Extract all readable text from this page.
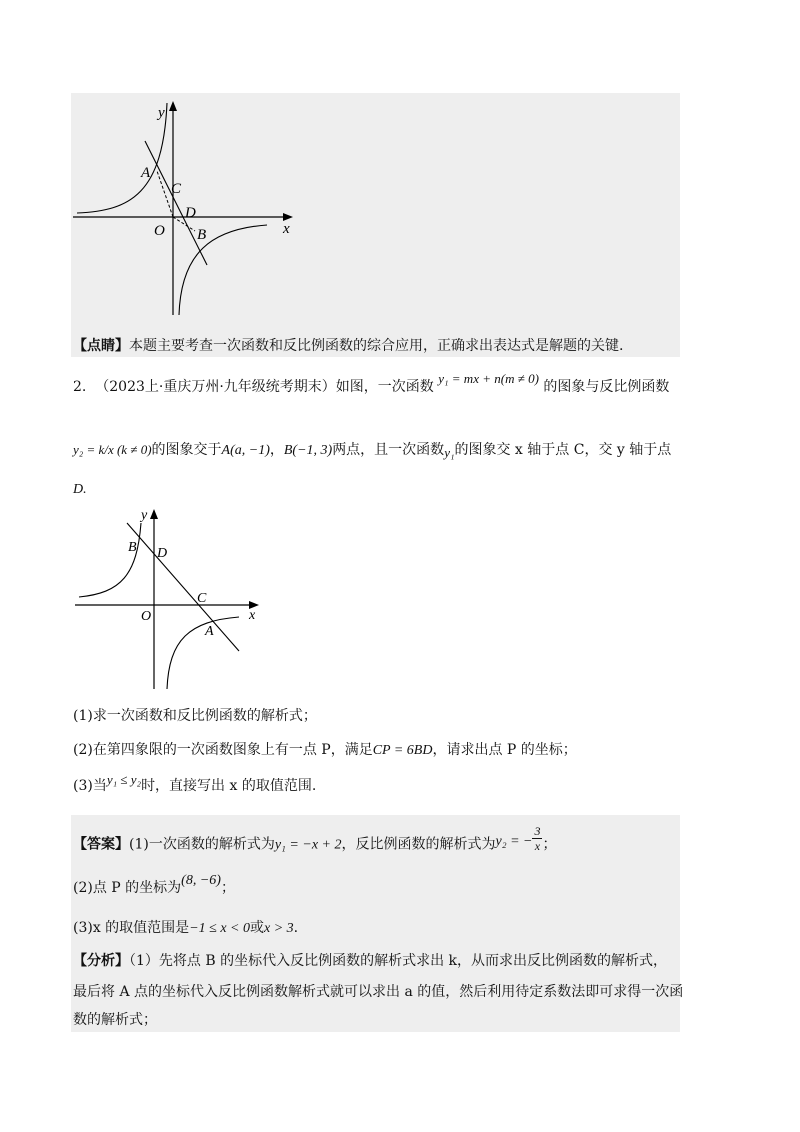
y
A
C
D
O B	x
【点睛】本题主要考查一次函数和反比例函数的综合应用，正确求出表达式是解题的关键.
2. （2023上·重庆万州·九年级统考期末）如图，一次函数 y₁ = mx + n(m ≠ 0) 的图象与反比例函数
y₂ = k/x (k ≠ 0)的图象交于A(a, −1)，B(−1, 3)两点，且一次函数y₁的图象交 x 轴于点 C，交 y 轴于点
D.
y
B D
C
O
A
x
(1)求一次函数和反比例函数的解析式；
(2)在第四象限的一次函数图象上有一点 P，满足CP = 6BD，请求出点 P 的坐标；
(3)当y₁ ≤ y₂时，直接写出 x 的取值范围.
【答案】(1)一次函数的解析式为y₁ = −x + 2，反比例函数的解析式为y₂ = − $\frac{3}{x}$ ；
(2)点 P 的坐标为(8, −6)；
(3)x 的取值范围是−1 ≤ x < 0或x > 3.
【分析】（1）先将点 B 的坐标代入反比例函数的解析式求出 k，从而求出反比例函数的解析式，
最后将 A 点的坐标代入反比例函数解析式就可以求出 a 的值，然后利用待定系数法即可求得一次函
数的解析式；
